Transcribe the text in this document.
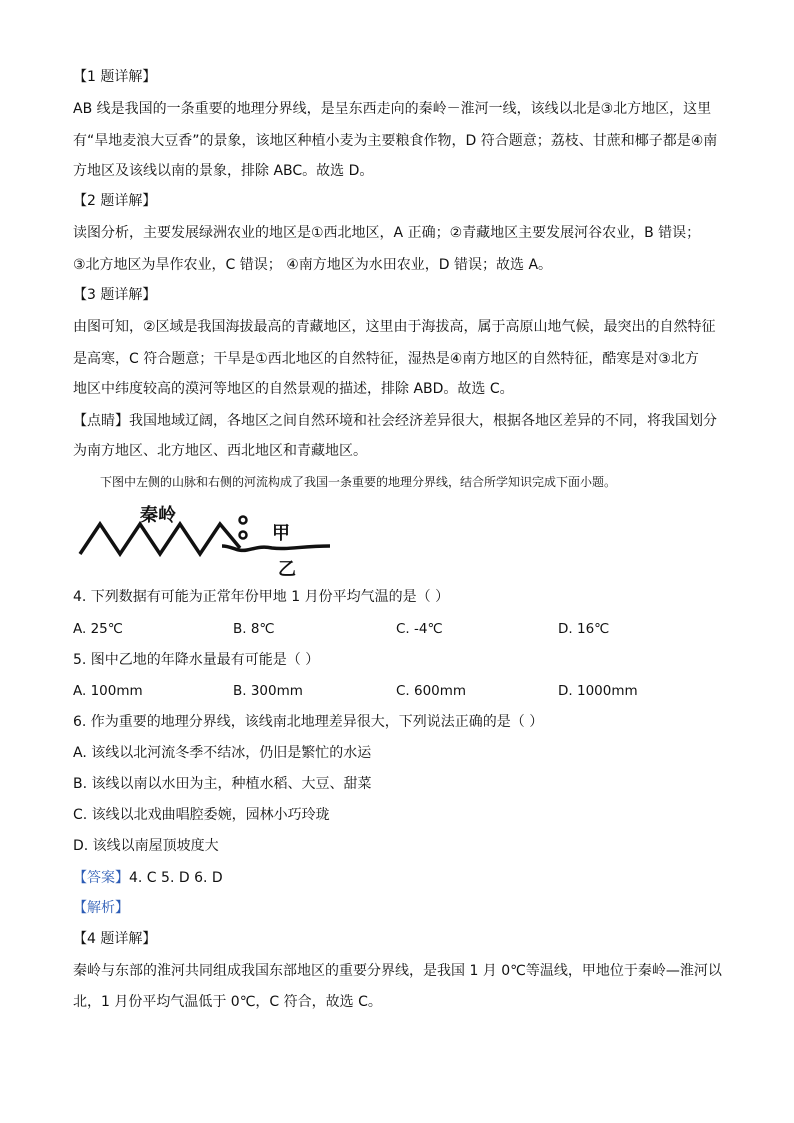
【1 题详解】
AB 线是我国的一条重要的地理分界线，是呈东西走向的秦岭－淮河一线，该线以北是③北方地区，这里
有“旱地麦浪大豆香”的景象，该地区种植小麦为主要粮食作物，D 符合题意；荔枝、甘蔗和椰子都是④南
方地区及该线以南的景象，排除 ABC。故选 D。
【2 题详解】
读图分析，主要发展绿洲农业的地区是①西北地区，A 正确；②青藏地区主要发展河谷农业，B 错误；
③北方地区为旱作农业，C 错误； ④南方地区为水田农业，D 错误；故选 A。
【3 题详解】
由图可知，②区域是我国海拔最高的青藏地区，这里由于海拔高，属于高原山地气候，最突出的自然特征
是高寒，C 符合题意；干旱是①西北地区的自然特征，湿热是④南方地区的自然特征，酷寒是对③北方
地区中纬度较高的漠河等地区的自然景观的描述，排除 ABD。故选 C。
【点睛】我国地域辽阔，各地区之间自然环境和社会经济差异很大，根据各地区差异的不同，将我国划分
为南方地区、北方地区、西北地区和青藏地区。
下图中左侧的山脉和右侧的河流构成了我国一条重要的地理分界线，结合所学知识完成下面小题。
秦岭
甲
乙
4. 下列数据有可能为正常年份甲地 1 月份平均气温的是（ ）
A. 25℃	B. 8℃	C. -4℃	D. 16℃
5. 图中乙地的年降水量最有可能是（ ）
A. 100mm	B. 300mm	C. 600mm	D. 1000mm
6. 作为重要的地理分界线，该线南北地理差异很大，下列说法正确的是（ ）
A. 该线以北河流冬季不结冰，仍旧是繁忙的水运
B. 该线以南以水田为主，种植水稻、大豆、甜菜
C. 该线以北戏曲唱腔委婉，园林小巧玲珑
D. 该线以南屋顶坡度大
【答案】4. C 5. D 6. D
【解析】
【4 题详解】
秦岭与东部的淮河共同组成我国东部地区的重要分界线，是我国 1 月 0℃等温线，甲地位于秦岭—淮河以
北，1 月份平均气温低于 0℃，C 符合，故选 C。
